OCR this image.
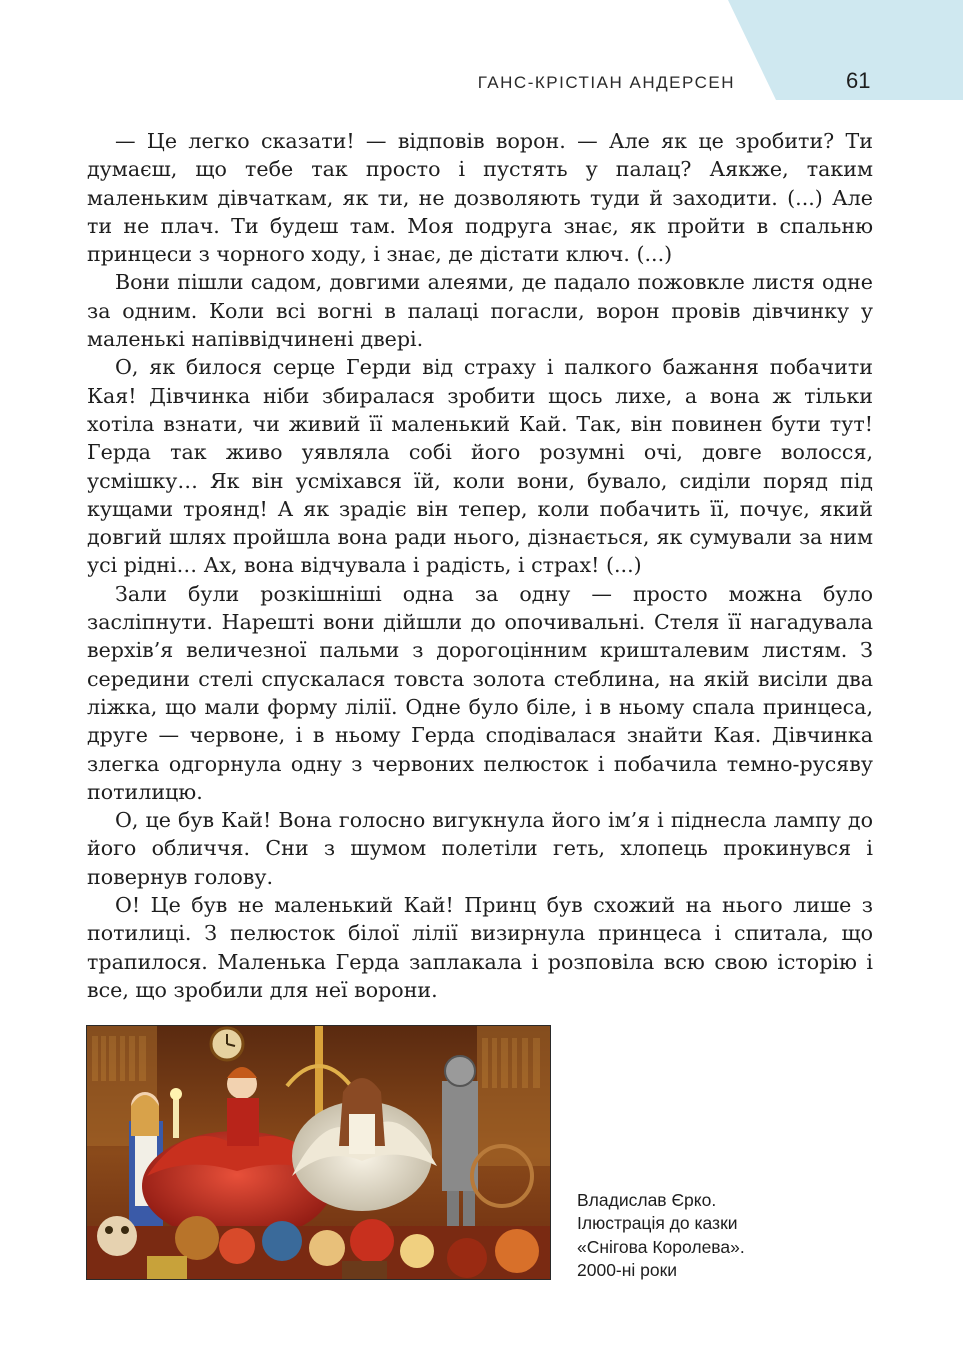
ГАНС-КРІСТІАН АНДЕРСЕН	61

— Це легко сказати! — відповів ворон. — Але як це зробити? Ти думаєш, що тебе так просто і пустять у палац? Аякже, таким маленьким дівчаткам, як ти, не дозволяють туди й заходити. (...) Але ти не плач. Ти будеш там. Моя подруга знає, як пройти в спальню принцеси з чорного ходу, і знає, де дістати ключ. (...)

Вони пішли садом, довгими алеями, де падало пожовкле листя одне за одним. Коли всі вогні в палаці погасли, ворон провів дівчинку у маленькі напіввідчинені двері.

О, як билося серце Герди від страху і палкого бажання побачити Кая! Дівчинка ніби збиралася зробити щось лихе, а вона ж тільки хотіла взнати, чи живий її маленький Кай. Так, він повинен бути тут! Герда так живо уявляла собі його розумні очі, довге волосся, усмішку… Як він усміхався їй, коли вони, бувало, сиділи поряд під кущами троянд! А як зрадіє він тепер, коли побачить її, почує, який довгий шлях пройшла вона ради нього, дізнається, як сумували за ним усі рідні… Ах, вона відчувала і радість, і страх! (...)

Зали були розкішніші одна за одну — просто можна було засліпнути. Нарешті вони дійшли до опочивальні. Стеля її нагадувала верхів’я величезної пальми з дорогоцінним кришталевим листям. З середини стелі спускалася товста золота стеблина, на якій висіли два ліжка, що мали форму лілії. Одне було біле, і в ньому спала принцеса, друге — червоне, і в ньому Герда сподівалася знайти Кая. Дівчинка злегка одгорнула одну з червоних пелюсток і побачила темно-русяву потилицю.

О, це був Кай! Вона голосно вигукнула його ім’я і піднесла лампу до його обличчя. Сни з шумом полетіли геть, хлопець прокинувся і повернув голову.

О! Це був не маленький Кай! Принц був схожий на нього лише з потилиці. З пелюсток білої лілії визирнула принцеса і спитала, що трапилося. Маленька Герда заплакала і розповіла всю свою історію і все, що зробили для неї ворони.

Владислав Єрко.
Ілюстрація до казки
«Снігова Королева».
2000-ні роки
